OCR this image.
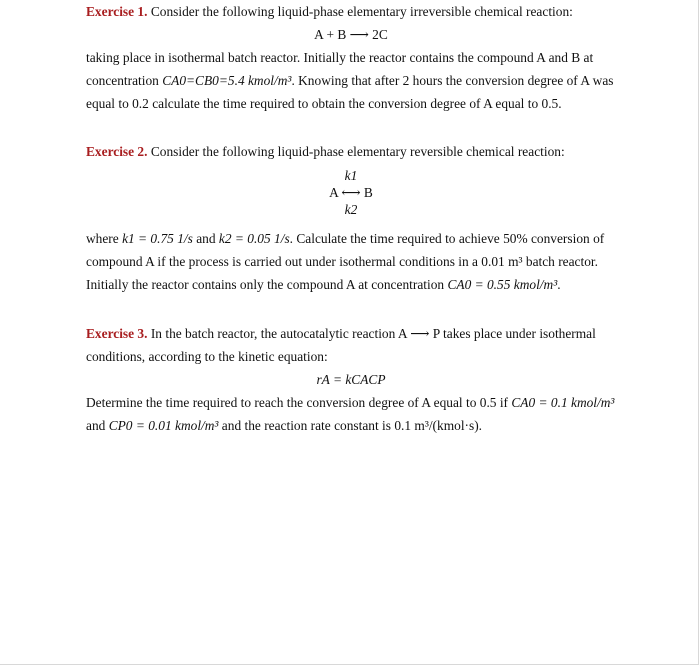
Exercise 1. Consider the following liquid-phase elementary irreversible chemical reaction:

A + B ⟶ 2C

taking place in isothermal batch reactor. Initially the reactor contains the compound A and B at

concentration CA0=CB0=5.4 kmol/m³. Knowing that after 2 hours the conversion degree of A was

equal to 0.2 calculate the time required to obtain the conversion degree of A equal to 0.5.

Exercise 2. Consider the following liquid-phase elementary reversible chemical reaction:

k1
A ⟷ B
k2

where k1 = 0.75 1/s and k2 = 0.05 1/s. Calculate the time required to achieve 50% conversion of

compound A if the process is carried out under isothermal conditions in a 0.01 m³ batch reactor.

Initially the reactor contains only the compound A at concentration CA0 = 0.55 kmol/m³.

Exercise 3. In the batch reactor, the autocatalytic reaction A ⟶ P takes place under isothermal

conditions, according to the kinetic equation:

rA = kCACP

Determine the time required to reach the conversion degree of A equal to 0.5 if CA0 = 0.1 kmol/m³

and CP0 = 0.01 kmol/m³ and the reaction rate constant is 0.1 m³/(kmol·s).
